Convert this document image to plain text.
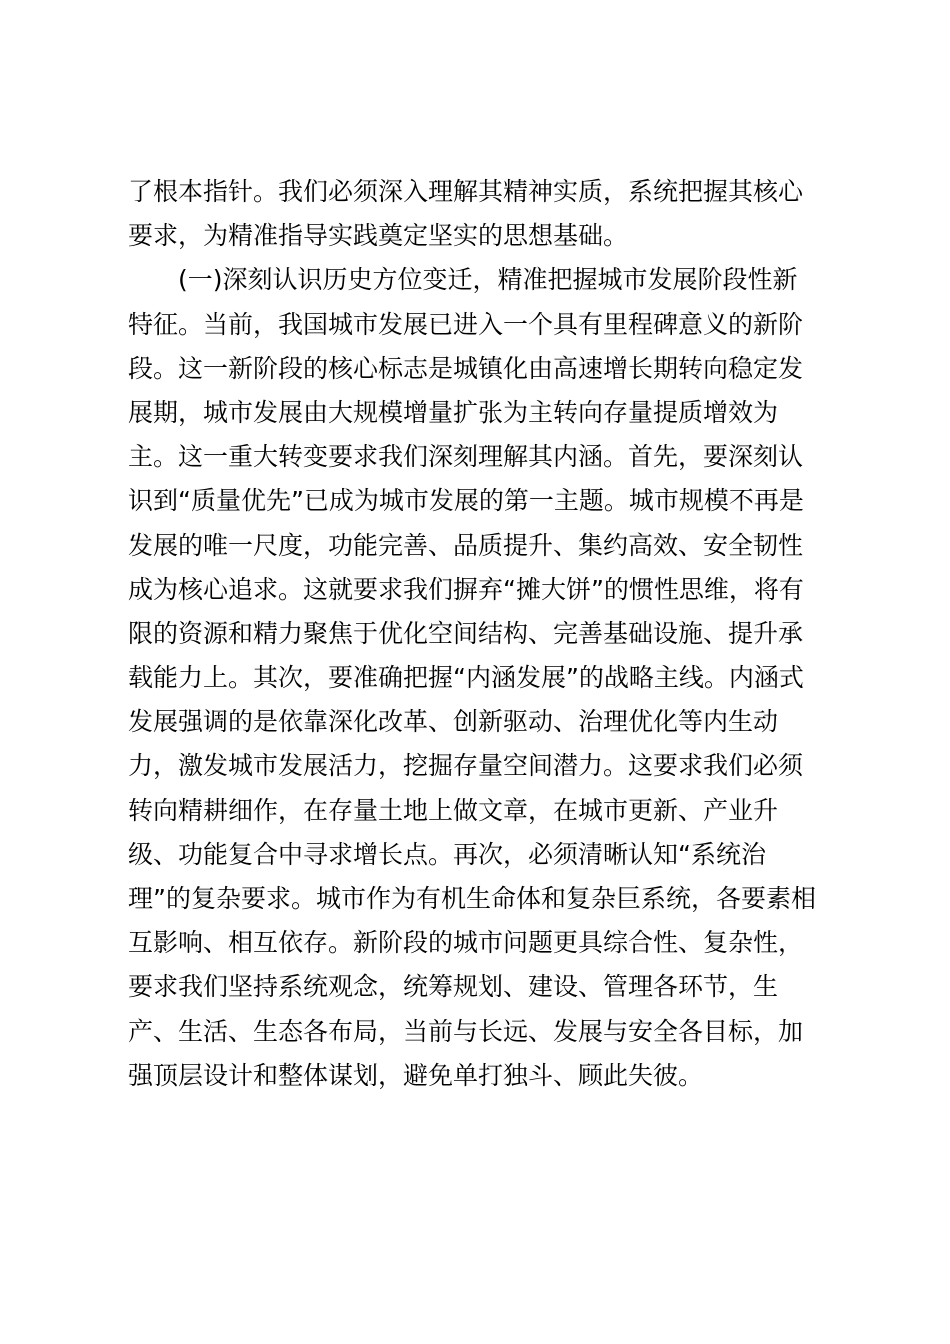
了根本指针。我们必须深入理解其精神实质，系统把握其核心
要求，为精准指导实践奠定坚实的思想基础。
(一)深刻认识历史方位变迁，精准把握城市发展阶段性新
特征。当前，我国城市发展已进入一个具有里程碑意义的新阶
段。这一新阶段的核心标志是城镇化由高速增长期转向稳定发
展期，城市发展由大规模增量扩张为主转向存量提质增效为
主。这一重大转变要求我们深刻理解其内涵。首先，要深刻认
识到“质量优先”已成为城市发展的第一主题。城市规模不再是
发展的唯一尺度，功能完善、品质提升、集约高效、安全韧性
成为核心追求。这就要求我们摒弃“摊大饼”的惯性思维，将有
限的资源和精力聚焦于优化空间结构、完善基础设施、提升承
载能力上。其次，要准确把握“内涵发展”的战略主线。内涵式
发展强调的是依靠深化改革、创新驱动、治理优化等内生动
力，激发城市发展活力，挖掘存量空间潜力。这要求我们必须
转向精耕细作，在存量土地上做文章，在城市更新、产业升
级、功能复合中寻求增长点。再次，必须清晰认知“系统治
理”的复杂要求。城市作为有机生命体和复杂巨系统，各要素相
互影响、相互依存。新阶段的城市问题更具综合性、复杂性，
要求我们坚持系统观念，统筹规划、建设、管理各环节，生
产、生活、生态各布局，当前与长远、发展与安全各目标，加
强顶层设计和整体谋划，避免单打独斗、顾此失彼。
